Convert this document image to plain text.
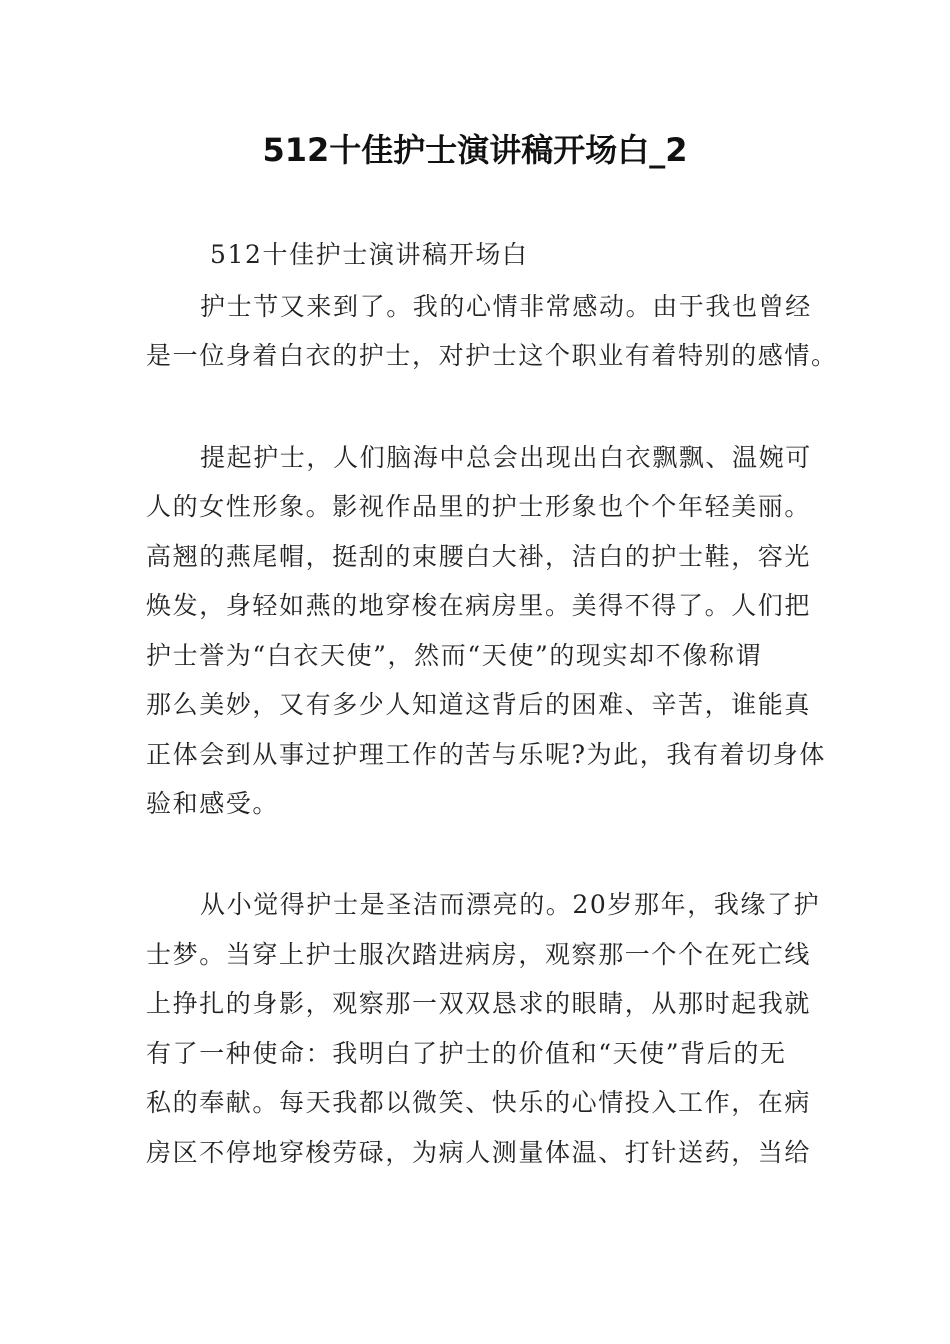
512十佳护士演讲稿开场白_2
512十佳护士演讲稿开场白
护士节又来到了。我的心情非常感动。由于我也曾经
是一位身着白衣的护士，对护士这个职业有着特别的感情。
提起护士，人们脑海中总会出现出白衣飘飘、温婉可
人的女性形象。影视作品里的护士形象也个个年轻美丽。
高翘的燕尾帽，挺刮的束腰白大褂，洁白的护士鞋，容光
焕发，身轻如燕的地穿梭在病房里。美得不得了。人们把
护士誉为“白衣天使”，然而“天使”的现实却不像称谓
那么美妙，又有多少人知道这背后的困难、辛苦，谁能真
正体会到从事过护理工作的苦与乐呢?为此，我有着切身体
验和感受。
从小觉得护士是圣洁而漂亮的。20岁那年，我缘了护
士梦。当穿上护士服次踏进病房，观察那一个个在死亡线
上挣扎的身影，观察那一双双恳求的眼睛，从那时起我就
有了一种使命：我明白了护士的价值和“天使”背后的无
私的奉献。每天我都以微笑、快乐的心情投入工作，在病
房区不停地穿梭劳碌，为病人测量体温、打针送药，当给
